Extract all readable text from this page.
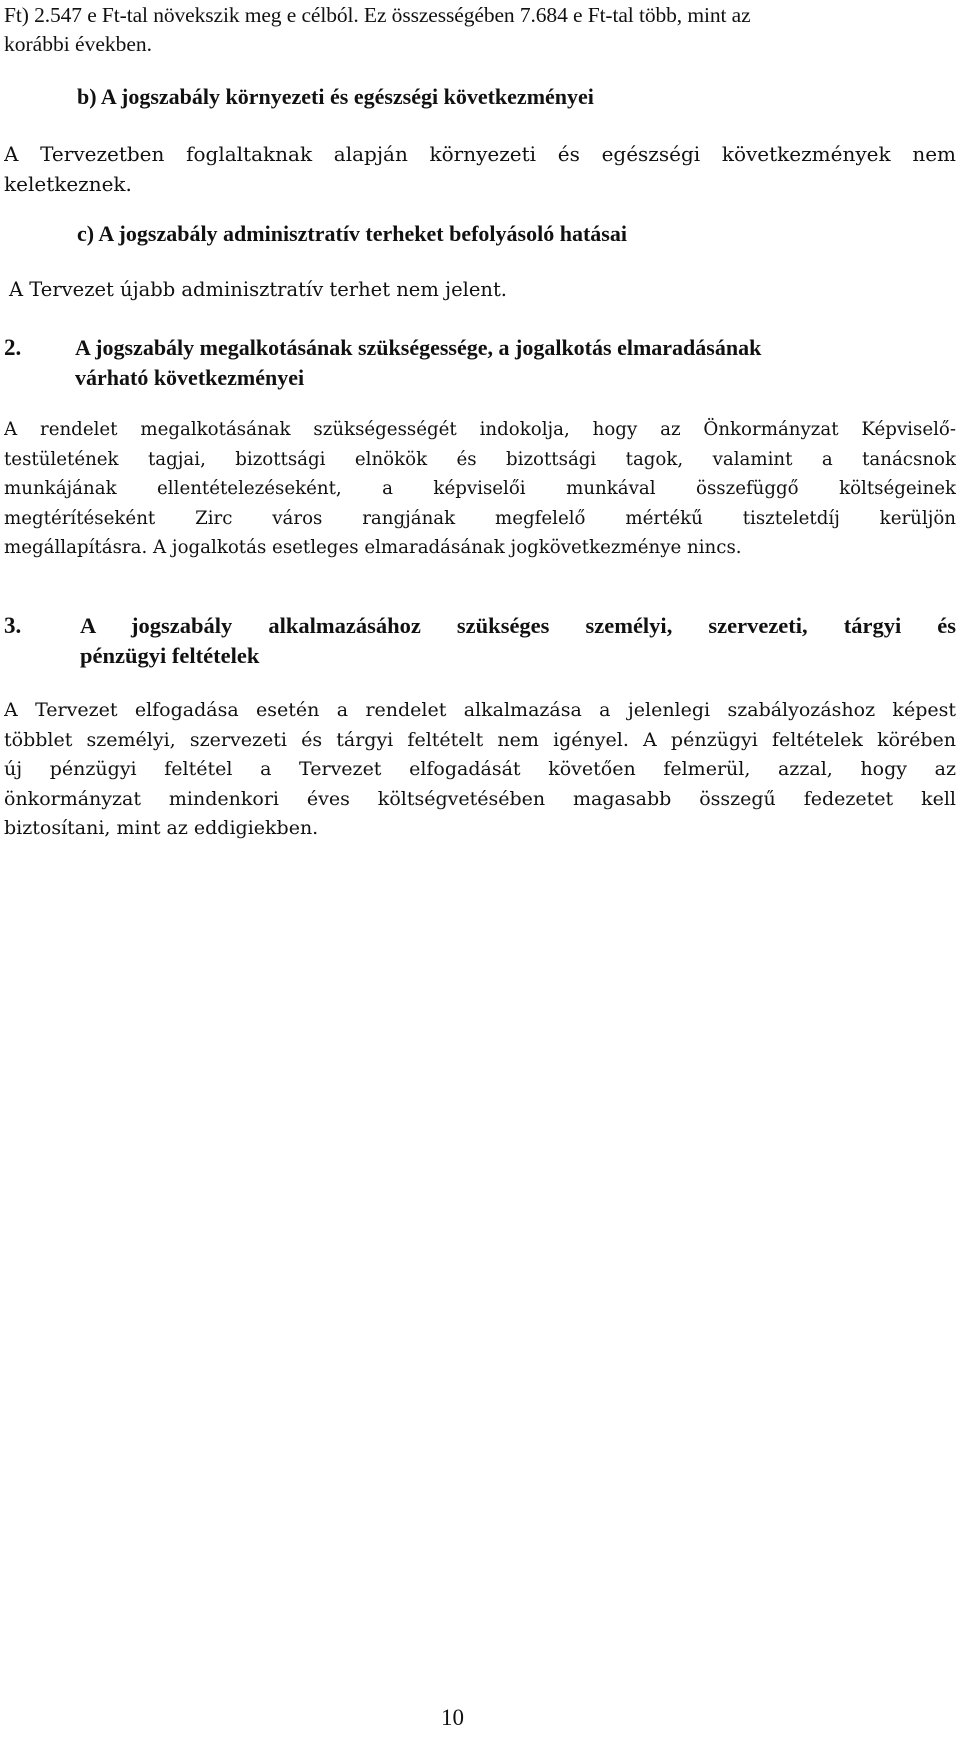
Ft) 2.547 e Ft-tal növekszik meg e célból. Ez összességében 7.684 e Ft-tal több, mint az
korábbi években.
b) A jogszabály környezeti és egészségi következményei
A Tervezetben foglaltaknak alapján környezeti és egészségi következmények nem
keletkeznek.
c) A jogszabály adminisztratív terheket befolyásoló hatásai
A Tervezet újabb adminisztratív terhet nem jelent.
2. A jogszabály megalkotásának szükségessége, a jogalkotás elmaradásának
várható következményei
A rendelet megalkotásának szükségességét indokolja, hogy az Önkormányzat Képviselő-
testületének tagjai, bizottsági elnökök és bizottsági tagok, valamint a tanácsnok
munkájának ellentételezéseként, a képviselői munkával összefüggő költségeinek
megtérítéseként Zirc város rangjának megfelelő mértékű tiszteletdíj kerüljön
megállapításra. A jogalkotás esetleges elmaradásának jogkövetkezménye nincs.
3.	A jogszabály alkalmazásához szükséges személyi, szervezeti, tárgyi és
pénzügyi feltételek
A Tervezet elfogadása esetén a rendelet alkalmazása a jelenlegi szabályozáshoz képest
többlet személyi, szervezeti és tárgyi feltételt nem igényel. A pénzügyi feltételek körében
új pénzügyi feltétel a Tervezet elfogadását követően felmerül, azzal, hogy az
önkormányzat mindenkori éves költségvetésében magasabb összegű fedezetet kell
biztosítani, mint az eddigiekben.
10
